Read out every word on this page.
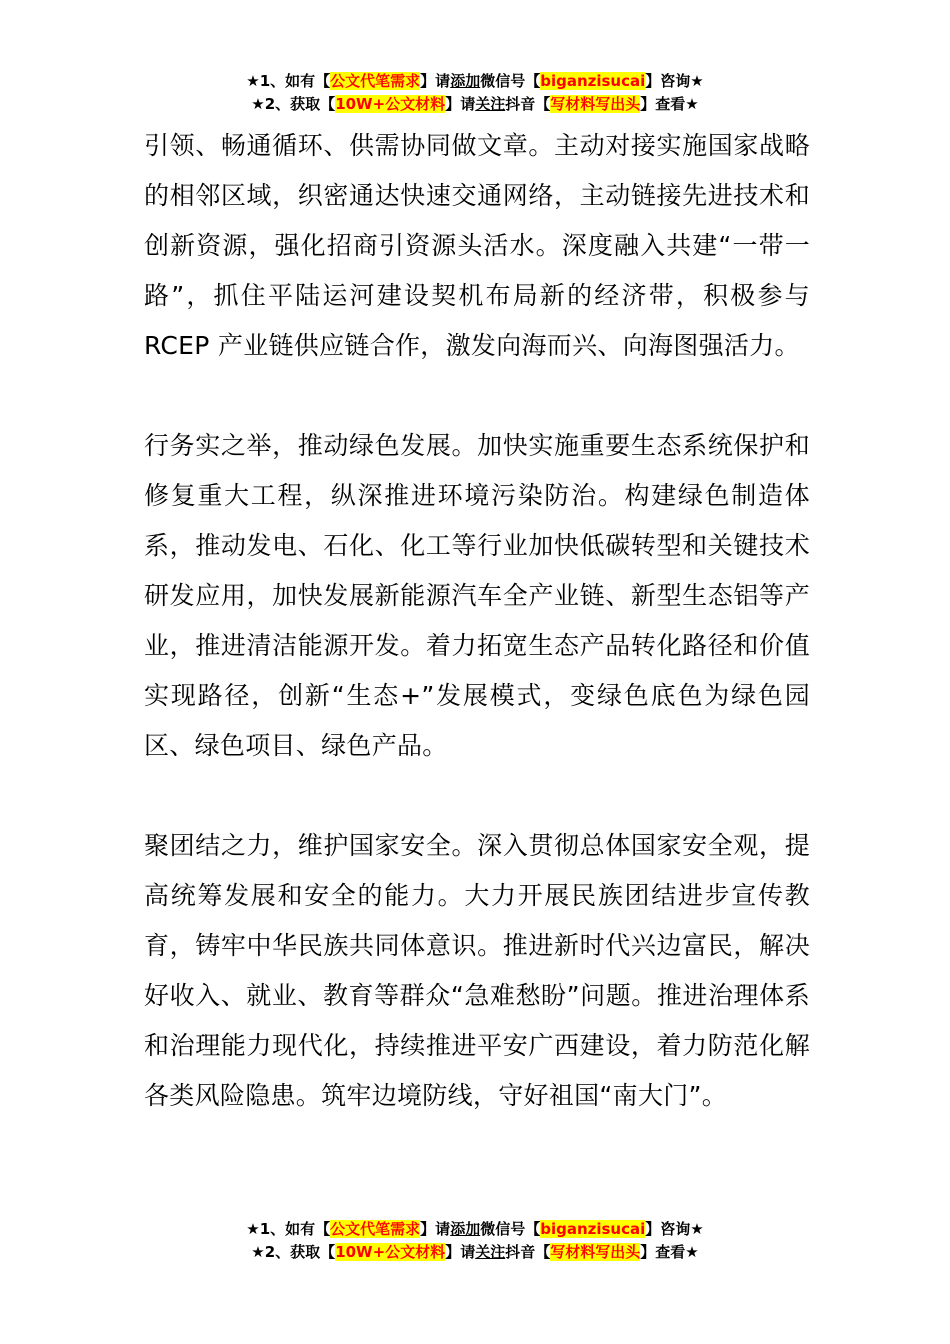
★1、如有【公文代笔需求】请添加微信号【biganzisucai】咨询★
★2、获取【10W+公文材料】请关注抖音【写材料写出头】查看★

引领、畅通循环、供需协同做文章。主动对接实施国家战略的相邻区域，织密通达快速交通网络，主动链接先进技术和创新资源，强化招商引资源头活水。深度融入共建“一带一路”，抓住平陆运河建设契机布局新的经济带，积极参与 RCEP 产业链供应链合作，激发向海而兴、向海图强活力。

行务实之举，推动绿色发展。加快实施重要生态系统保护和修复重大工程，纵深推进环境污染防治。构建绿色制造体系，推动发电、石化、化工等行业加快低碳转型和关键技术研发应用，加快发展新能源汽车全产业链、新型生态铝等产业，推进清洁能源开发。着力拓宽生态产品转化路径和价值实现路径，创新“生态+”发展模式，变绿色底色为绿色园区、绿色项目、绿色产品。

聚团结之力，维护国家安全。深入贯彻总体国家安全观，提高统筹发展和安全的能力。大力开展民族团结进步宣传教育，铸牢中华民族共同体意识。推进新时代兴边富民，解决好收入、就业、教育等群众“急难愁盼”问题。推进治理体系和治理能力现代化，持续推进平安广西建设，着力防范化解各类风险隐患。筑牢边境防线，守好祖国“南大门”。

★1、如有【公文代笔需求】请添加微信号【biganzisucai】咨询★
★2、获取【10W+公文材料】请关注抖音【写材料写出头】查看★
